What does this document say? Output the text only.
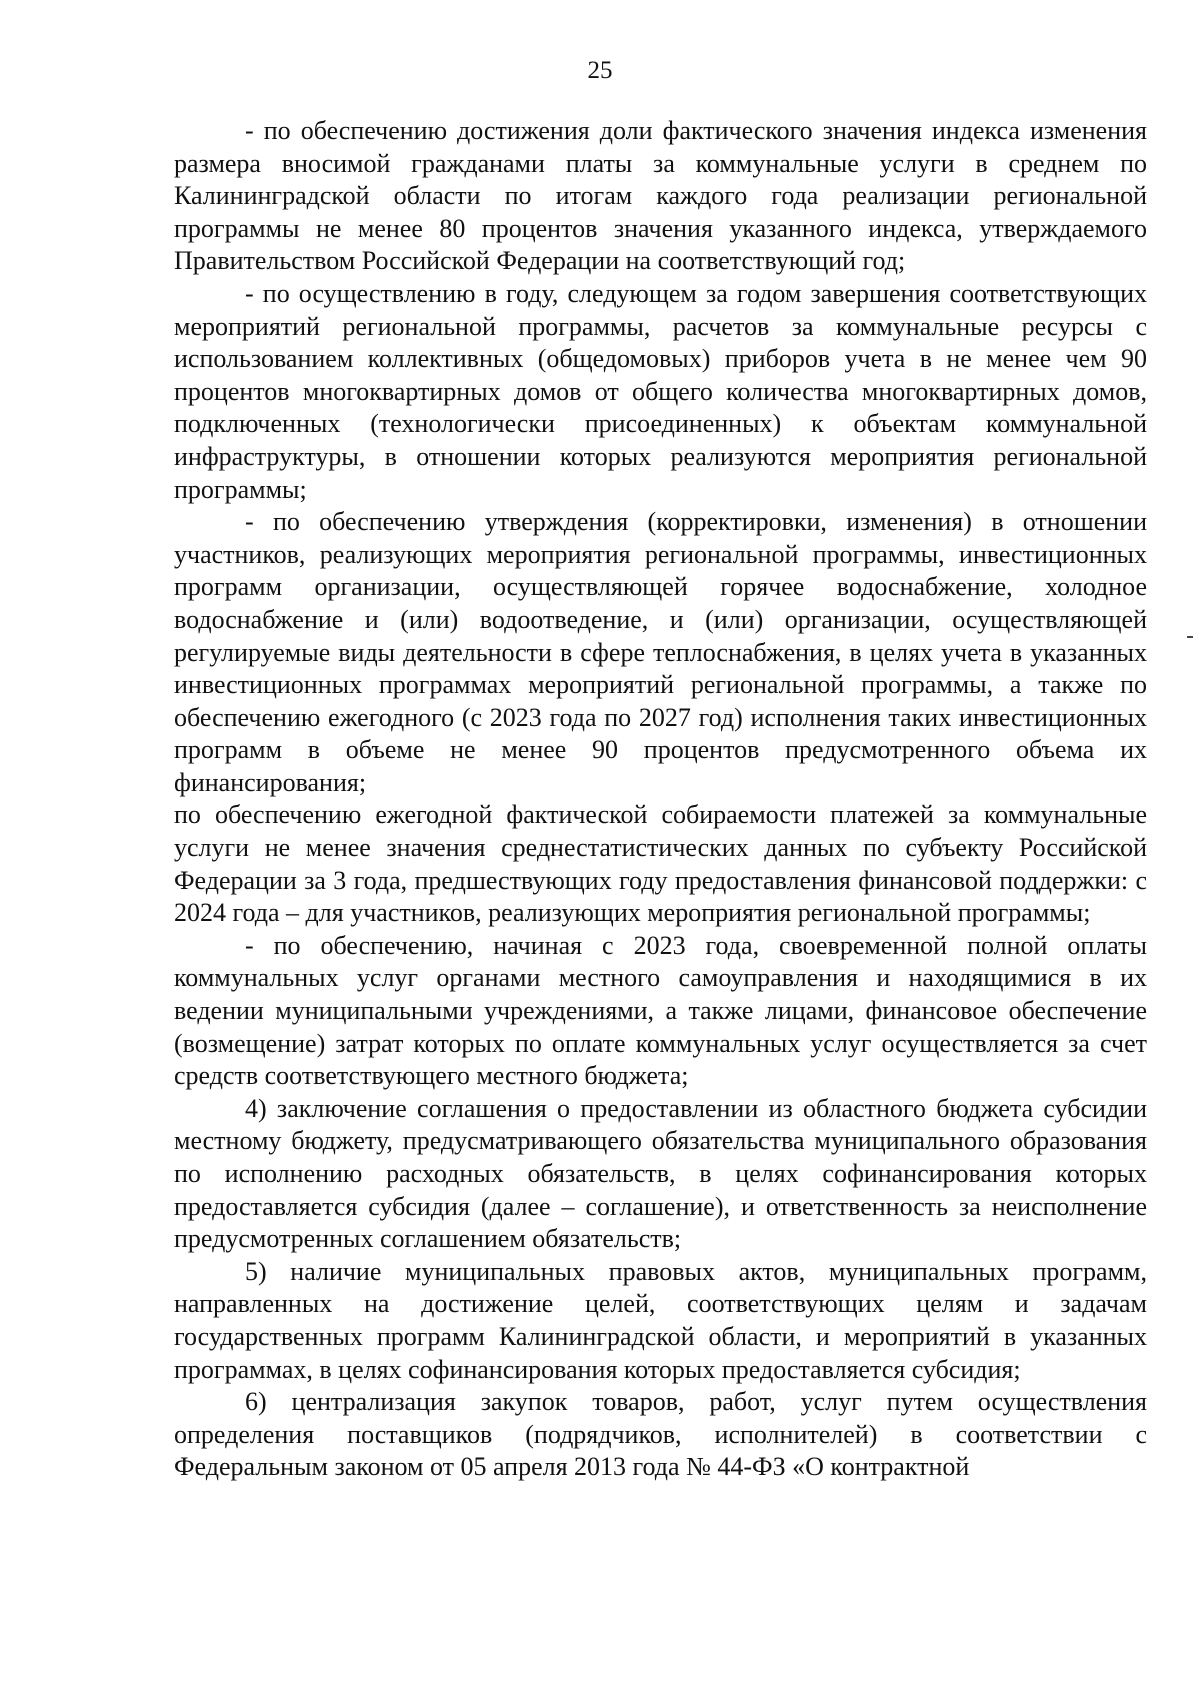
25

- по обеспечению достижения доли фактического значения индекса изменения размера вносимой гражданами платы за коммунальные услуги в среднем по Калининградской области по итогам каждого года реализации региональной программы не менее 80 процентов значения указанного индекса, утверждаемого Правительством Российской Федерации на соответствующий год;

- по осуществлению в году, следующем за годом завершения соответствующих мероприятий региональной программы, расчетов за коммунальные ресурсы с использованием коллективных (общедомовых) приборов учета в не менее чем 90 процентов многоквартирных домов от общего количества многоквартирных домов, подключенных (технологически присоединенных) к объектам коммунальной инфраструктуры, в отношении которых реализуются мероприятия региональной программы;

- по обеспечению утверждения (корректировки, изменения) в отношении участников, реализующих мероприятия региональной программы, инвестиционных программ организации, осуществляющей горячее водоснабжение, холодное водоснабжение и (или) водоотведение, и (или) организации, осуществляющей регулируемые виды деятельности в сфере теплоснабжения, в целях учета в указанных инвестиционных программах мероприятий региональной программы, а также по обеспечению ежегодного (с 2023 года по 2027 год) исполнения таких инвестиционных программ в объеме не менее 90 процентов предусмотренного объема их финансирования;

по обеспечению ежегодной фактической собираемости платежей за коммунальные услуги не менее значения среднестатистических данных по субъекту Российской Федерации за 3 года, предшествующих году предоставления финансовой поддержки: с 2024 года – для участников, реализующих мероприятия региональной программы;

- по обеспечению, начиная с 2023 года, своевременной полной оплаты коммунальных услуг органами местного самоуправления и находящимися в их ведении муниципальными учреждениями, а также лицами, финансовое обеспечение (возмещение) затрат которых по оплате коммунальных услуг осуществляется за счет средств соответствующего местного бюджета;

4) заключение соглашения о предоставлении из областного бюджета субсидии местному бюджету, предусматривающего обязательства муниципального образования по исполнению расходных обязательств, в целях софинансирования которых предоставляется субсидия (далее – соглашение), и ответственность за неисполнение предусмотренных соглашением обязательств;

5) наличие муниципальных правовых актов, муниципальных программ, направленных на достижение целей, соответствующих целям и задачам государственных программ Калининградской области, и мероприятий в указанных программах, в целях софинансирования которых предоставляется субсидия;

6) централизация закупок товаров, работ, услуг путем осуществления определения поставщиков (подрядчиков, исполнителей) в соответствии с Федеральным законом от 05 апреля 2013 года № 44-ФЗ «О контрактной
